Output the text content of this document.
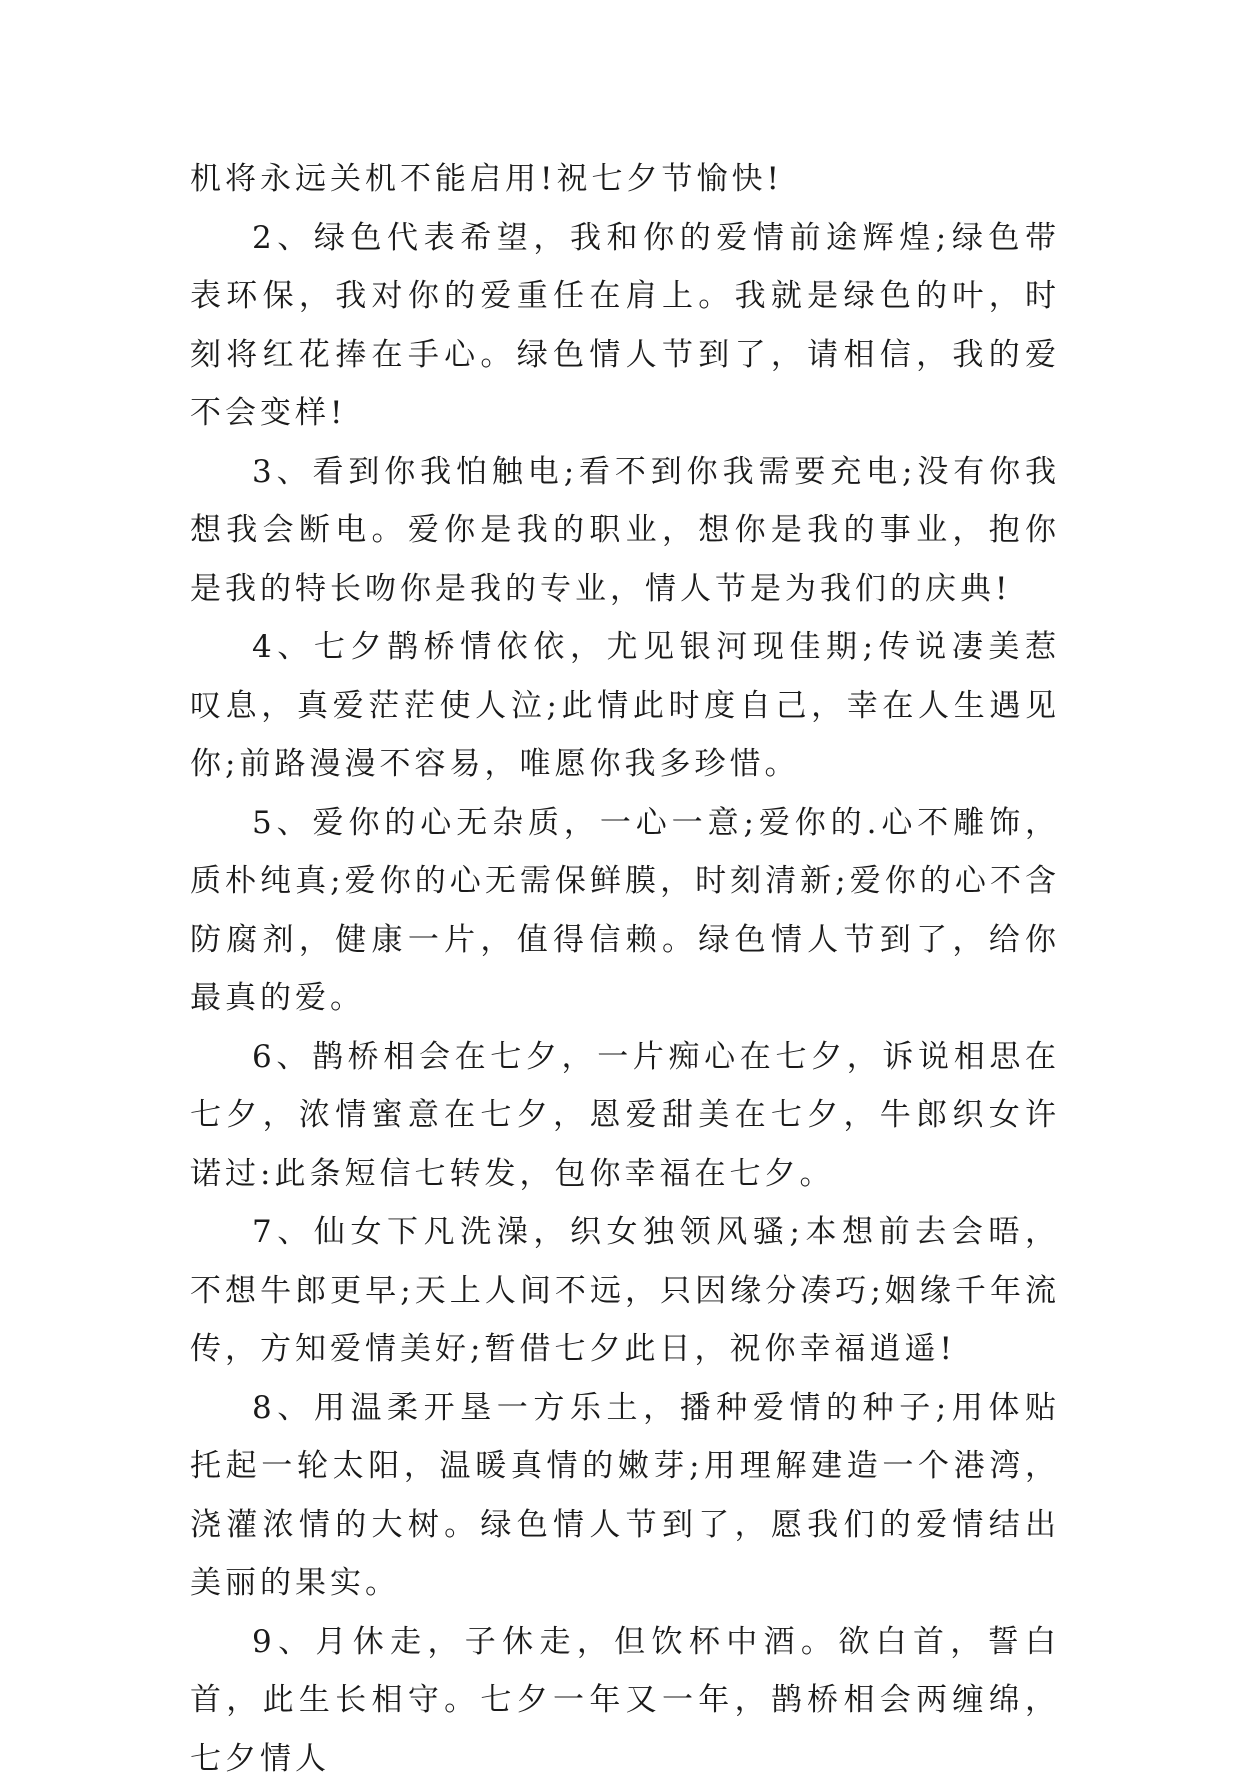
机将永远关机不能启用!祝七夕节愉快!

2、绿色代表希望，我和你的爱情前途辉煌;绿色带表环保，我对你的爱重任在肩上。我就是绿色的叶，时刻将红花捧在手心。绿色情人节到了，请相信，我的爱不会变样!

3、看到你我怕触电;看不到你我需要充电;没有你我想我会断电。爱你是我的职业，想你是我的事业，抱你是我的特长吻你是我的专业，情人节是为我们的庆典!

4、七夕鹊桥情依依，尤见银河现佳期;传说凄美惹叹息，真爱茫茫使人泣;此情此时度自己，幸在人生遇见你;前路漫漫不容易，唯愿你我多珍惜。

5、爱你的心无杂质，一心一意;爱你的.心不雕饰，质朴纯真;爱你的心无需保鲜膜，时刻清新;爱你的心不含防腐剂，健康一片，值得信赖。绿色情人节到了，给你最真的爱。

6、鹊桥相会在七夕，一片痴心在七夕，诉说相思在七夕，浓情蜜意在七夕，恩爱甜美在七夕，牛郎织女许诺过:此条短信七转发，包你幸福在七夕。

7、仙女下凡洗澡，织女独领风骚;本想前去会晤，不想牛郎更早;天上人间不远，只因缘分凑巧;姻缘千年流传，方知爱情美好;暂借七夕此日，祝你幸福逍遥!

8、用温柔开垦一方乐土，播种爱情的种子;用体贴托起一轮太阳，温暖真情的嫩芽;用理解建造一个港湾，浇灌浓情的大树。绿色情人节到了，愿我们的爱情结出美丽的果实。

9、月休走，子休走，但饮杯中酒。欲白首，誓白首，此生长相守。七夕一年又一年，鹊桥相会两缠绵，七夕情人
